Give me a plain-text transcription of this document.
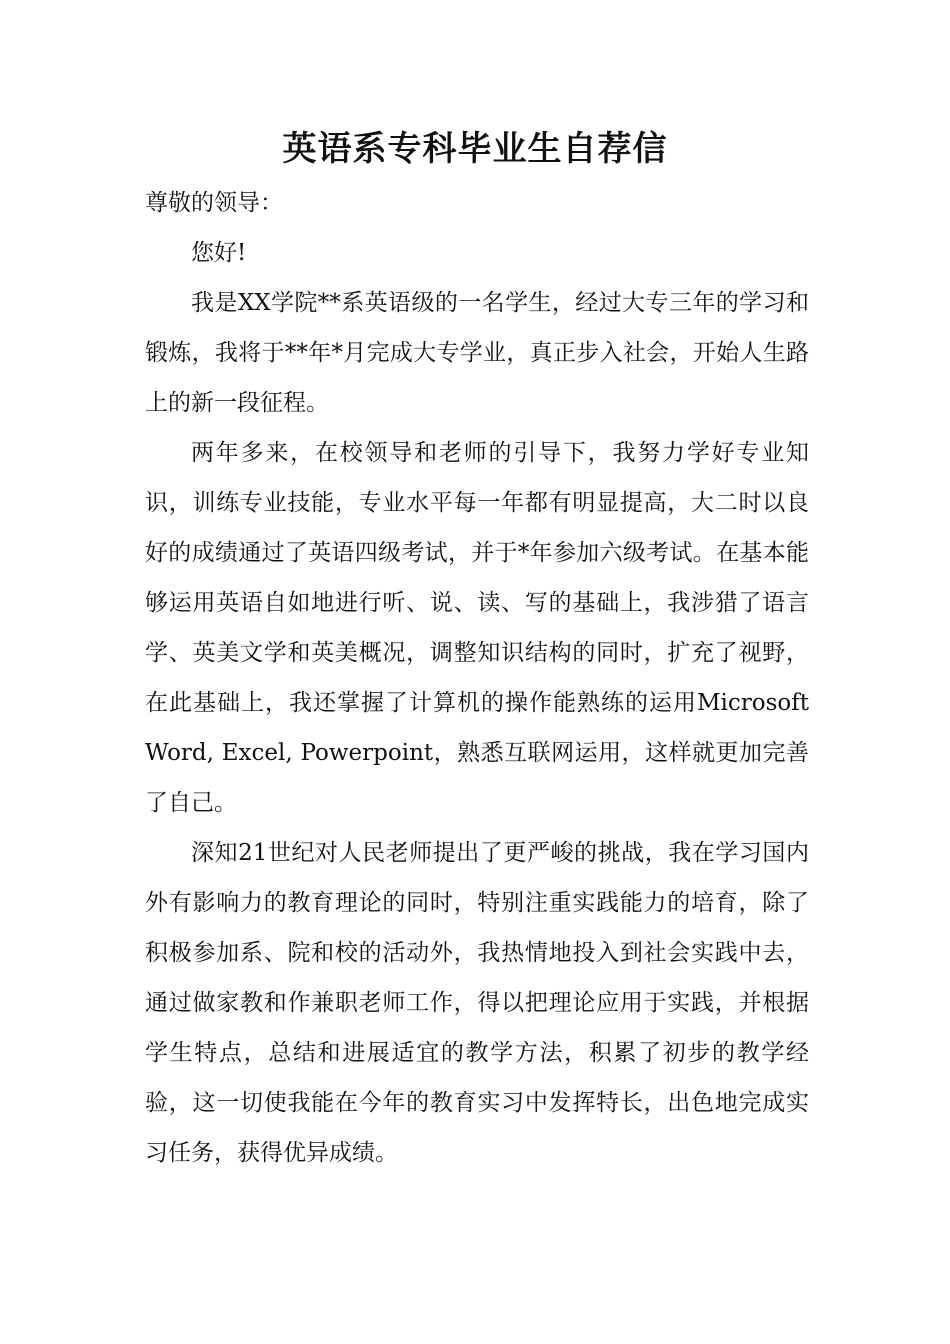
英语系专科毕业生自荐信

尊敬的领导：

您好!

我是XX学院**系英语级的一名学生，经过大专三年的学习和锻炼，我将于**年*月完成大专学业，真正步入社会，开始人生路上的新一段征程。

两年多来，在校领导和老师的引导下，我努力学好专业知识，训练专业技能，专业水平每一年都有明显提高，大二时以良好的成绩通过了英语四级考试，并于*年参加六级考试。在基本能够运用英语自如地进行听、说、读、写的基础上，我涉猎了语言学、英美文学和英美概况，调整知识结构的同时，扩充了视野，在此基础上，我还掌握了计算机的操作能熟练的运用Microsoft Word, Excel, Powerpoint，熟悉互联网运用，这样就更加完善了自己。

深知21世纪对人民老师提出了更严峻的挑战，我在学习国内外有影响力的教育理论的同时，特别注重实践能力的培育，除了积极参加系、院和校的活动外，我热情地投入到社会实践中去，通过做家教和作兼职老师工作，得以把理论应用于实践，并根据学生特点，总结和进展适宜的教学方法，积累了初步的教学经验，这一切使我能在今年的教育实习中发挥特长，出色地完成实习任务，获得优异成绩。
